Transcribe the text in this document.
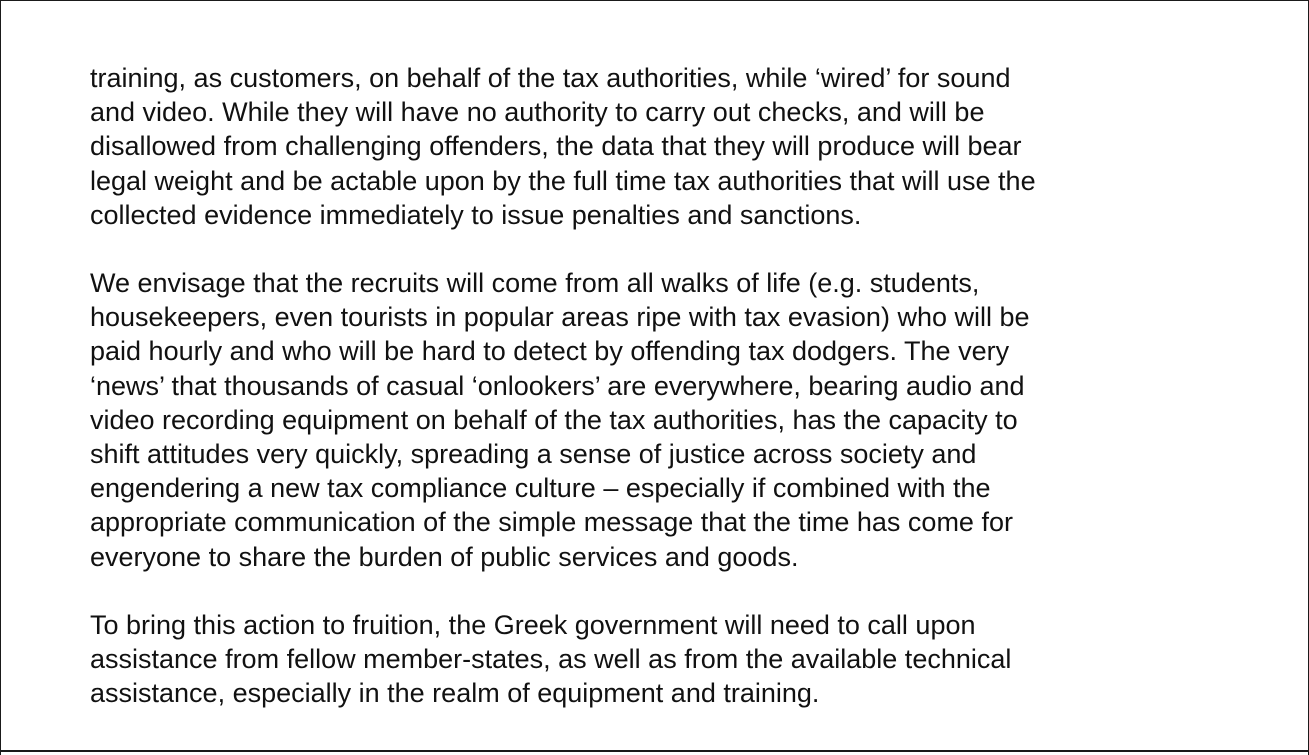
training, as customers, on behalf of the tax authorities, while ‘wired’ for sound
and video. While they will have no authority to carry out checks, and will be
disallowed from challenging offenders, the data that they will produce will bear
legal weight and be actable upon by the full time tax authorities that will use the
collected evidence immediately to issue penalties and sanctions.

We envisage that the recruits will come from all walks of life (e.g. students,
housekeepers, even tourists in popular areas ripe with tax evasion) who will be
paid hourly and who will be hard to detect by offending tax dodgers. The very
‘news’ that thousands of casual ‘onlookers’ are everywhere, bearing audio and
video recording equipment on behalf of the tax authorities, has the capacity to
shift attitudes very quickly, spreading a sense of justice across society and
engendering a new tax compliance culture – especially if combined with the
appropriate communication of the simple message that the time has come for
everyone to share the burden of public services and goods.

To bring this action to fruition, the Greek government will need to call upon
assistance from fellow member-states, as well as from the available technical
assistance, especially in the realm of equipment and training.
